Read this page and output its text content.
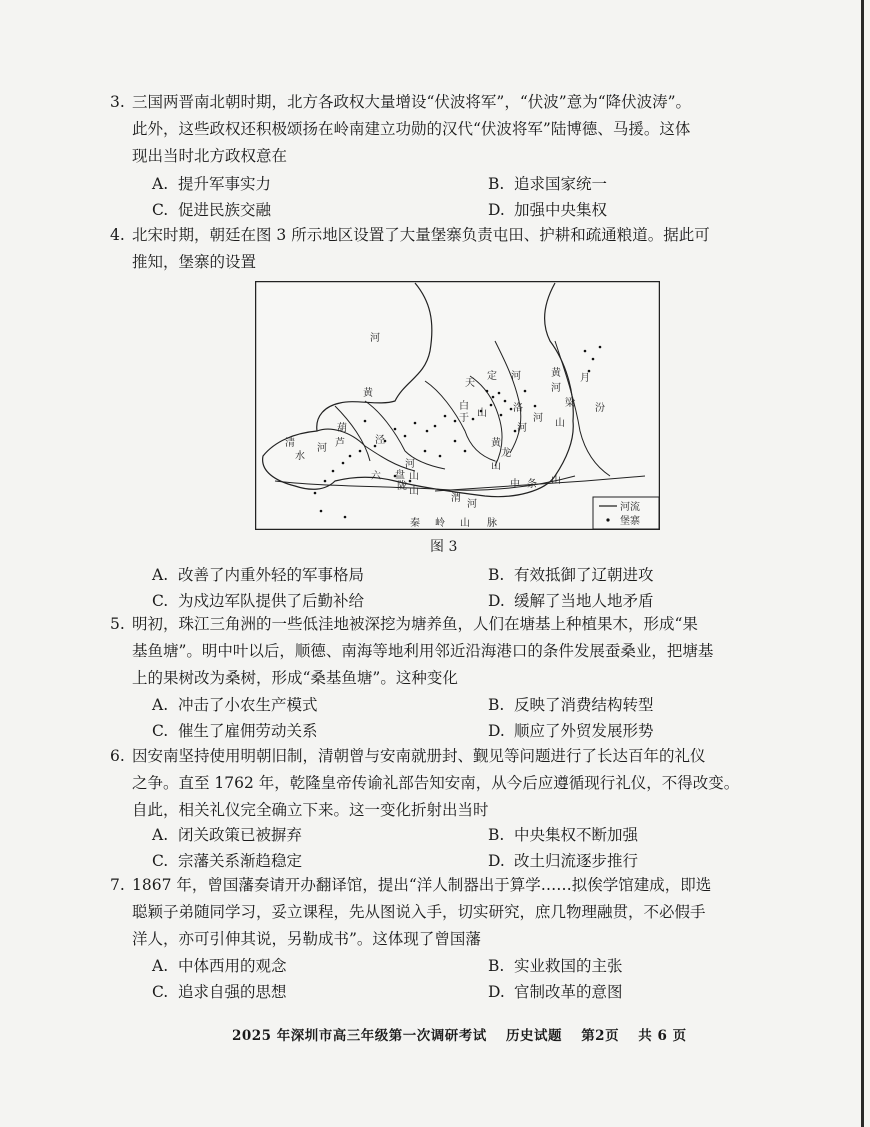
3. 三国两晋南北朝时期，北方各政权大量增设“伏波将军”，“伏波”意为“降伏波涛”。
此外，这些政权还积极颂扬在岭南建立功勋的汉代“伏波将军”陆博德、马援。这体
现出当时北方政权意在
A. 提升军事实力	B. 追求国家统一
C. 促进民族交融	D. 加强中央集权
4. 北宋时期，朝廷在图 3 所示地区设置了大量堡寨负责屯田、护耕和疏通粮道。据此可
推知，堡寨的设置
河
黄
天
定 河
白
于 山
黄
河
月
梁
山
河
洛
河
泾
河
渭
河
中 条 山
黄
龙
山
陇 山
六 盘 山
秦 岭 山 脉
葫
芦
河
汾
清
水
河流
堡寨
图 3
A. 改善了内重外轻的军事格局	B. 有效抵御了辽朝进攻
C. 为戍边军队提供了后勤补给	D. 缓解了当地人地矛盾
5. 明初，珠江三角洲的一些低洼地被深挖为塘养鱼，人们在塘基上种植果木，形成“果
基鱼塘”。明中叶以后，顺德、南海等地利用邻近沿海港口的条件发展蚕桑业，把塘基
上的果树改为桑树，形成“桑基鱼塘”。这种变化
A. 冲击了小农生产模式	B. 反映了消费结构转型
C. 催生了雇佣劳动关系	D. 顺应了外贸发展形势
6. 因安南坚持使用明朝旧制，清朝曾与安南就册封、觐见等问题进行了长达百年的礼仪
之争。直至 1762 年，乾隆皇帝传谕礼部告知安南，从今后应遵循现行礼仪，不得改变。
自此，相关礼仪完全确立下来。这一变化折射出当时
A. 闭关政策已被摒弃	B. 中央集权不断加强
C. 宗藩关系渐趋稳定	D. 改土归流逐步推行
7. 1867 年，曾国藩奏请开办翻译馆，提出“洋人制器出于算学……拟俟学馆建成，即选
聪颖子弟随同学习，妥立课程，先从图说入手，切实研究，庶几物理融贯，不必假手
洋人，亦可引伸其说，另勒成书”。这体现了曾国藩
A. 中体西用的观念	B. 实业救国的主张
C. 追求自强的思想	D. 官制改革的意图
2025 年深圳市高三年级第一次调研考试 历史试题 第2页 共 6 页
